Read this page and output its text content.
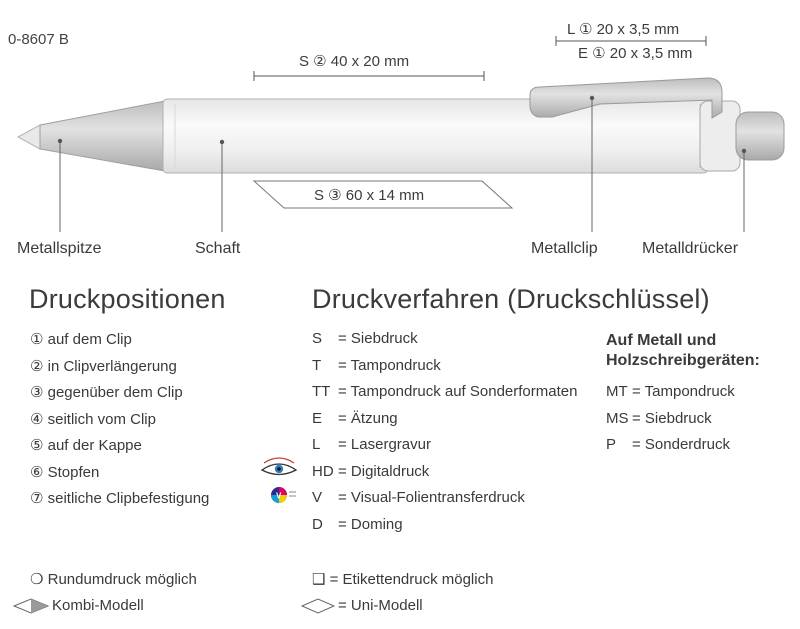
V
0-8607 B
S ② 40 x 20 mm
L ① 20 x 3,5 mm
E ① 20 x 3,5 mm
S ③ 60 x 14 mm
Metallspitze	Schaft	Metallclip	Metalldrücker
Druckpositionen	Druckverfahren (Druckschlüssel)
① auf dem Clip
② in Clipverlängerung
③ gegenüber dem Clip
④ seitlich vom Clip
⑤ auf der Kappe
⑥ Stopfen
⑦ seitliche Clipbefestigung
S = Siebdruck
T = Tampondruck
TT = Tampondruck auf Sonderformaten
E = Ätzung
L = Lasergravur
HD = Digitaldruck
V = Visual-Folientransferdruck
D = Doming
Auf Metall und
Holzschreibgeräten:
MT = Tampondruck
MS = Siebdruck
P = Sonderdruck
❍ Rundumdruck möglich	❑ = Etikettendruck möglich
Kombi-Modell	= Uni-Modell
